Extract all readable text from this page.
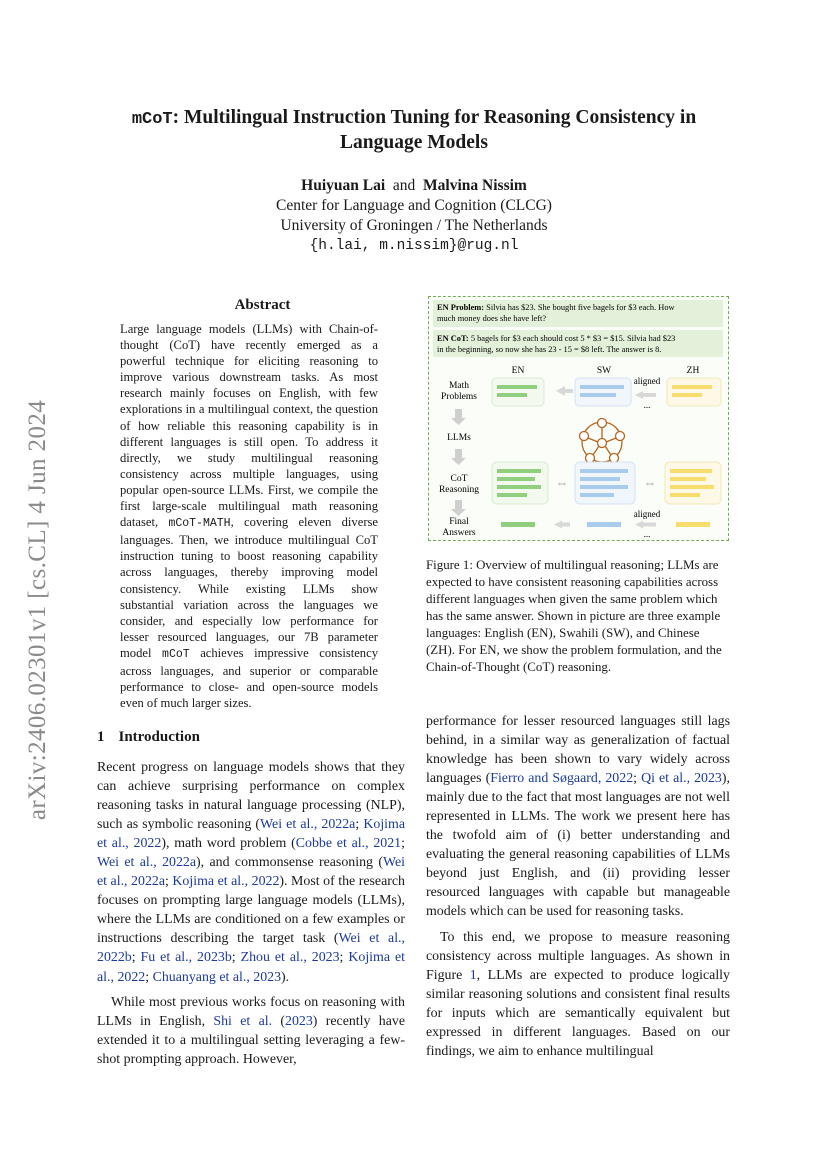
arXiv:2406.02301v1 [cs.CL] 4 Jun 2024
mCoT: Multilingual Instruction Tuning for Reasoning Consistency in
Language Models
Huiyuan Lai and Malvina Nissim
Center for Language and Cognition (CLCG)
University of Groningen / The Netherlands
{h.lai, m.nissim}@rug.nl
Abstract

Large language models (LLMs) with Chain-of-thought (CoT) have recently emerged as a powerful technique for eliciting reasoning to improve various downstream tasks. As most research mainly focuses on English, with few explorations in a multilingual context, the question of how reliable this reasoning capability is in different languages is still open. To address it directly, we study multilingual reasoning consistency across multiple languages, using popular open-source LLMs. First, we compile the first large-scale multilingual math reasoning dataset, mCoT-MATH, covering eleven diverse languages. Then, we introduce multilingual CoT instruction tuning to boost reasoning capability across languages, thereby improving model consistency. While existing LLMs show substantial variation across the languages we consider, and especially low performance for lesser resourced languages, our 7B parameter model mCoT achieves impressive consistency across languages, and superior or comparable performance to close- and open-source models even of much larger sizes.

EN Problem: Silvia has $23. She bought five bagels for $3 each. How
much money does she have left?
EN CoT: 5 bagels for $3 each should cost 5 * $3 = $15. Silvia had $23
in the beginning, so now she has 23 - 15 = $8 left. The answer is 8.
EN	SW	ZH
Math
Problems
LLMs
CoT
Reasoning
Final
Answers
aligned
...
⇔	⇔
aligned
...
Figure 1: Overview of multilingual reasoning; LLMs are expected to have consistent reasoning capabilities across different languages when given the same problem which has the same answer. Shown in picture are three example languages: English (EN), Swahili (SW), and Chinese (ZH). For EN, we show the problem formulation, and the Chain-of-Thought (CoT) reasoning.
1 Introduction

Recent progress on language models shows that they can achieve surprising performance on complex reasoning tasks in natural language processing (NLP), such as symbolic reasoning (Wei et al., 2022a; Kojima et al., 2022), math word problem (Cobbe et al., 2021; Wei et al., 2022a), and commonsense reasoning (Wei et al., 2022a; Kojima et al., 2022). Most of the research focuses on prompting large language models (LLMs), where the LLMs are conditioned on a few examples or instructions describing the target task (Wei et al., 2022b; Fu et al., 2023b; Zhou et al., 2023; Kojima et al., 2022; Chuanyang et al., 2023).

While most previous works focus on reasoning with LLMs in English, Shi et al. (2023) recently have extended it to a multilingual setting leveraging a few-shot prompting approach. However,

performance for lesser resourced languages still lags behind, in a similar way as generalization of factual knowledge has been shown to vary widely across languages (Fierro and Søgaard, 2022; Qi et al., 2023), mainly due to the fact that most languages are not well represented in LLMs. The work we present here has the twofold aim of (i) better understanding and evaluating the general reasoning capabilities of LLMs beyond just English, and (ii) providing lesser resourced languages with capable but manageable models which can be used for reasoning tasks.

To this end, we propose to measure reasoning consistency across multiple languages. As shown in Figure 1, LLMs are expected to produce logically similar reasoning solutions and consistent final results for inputs which are semantically equivalent but expressed in different languages. Based on our findings, we aim to enhance multilingual
